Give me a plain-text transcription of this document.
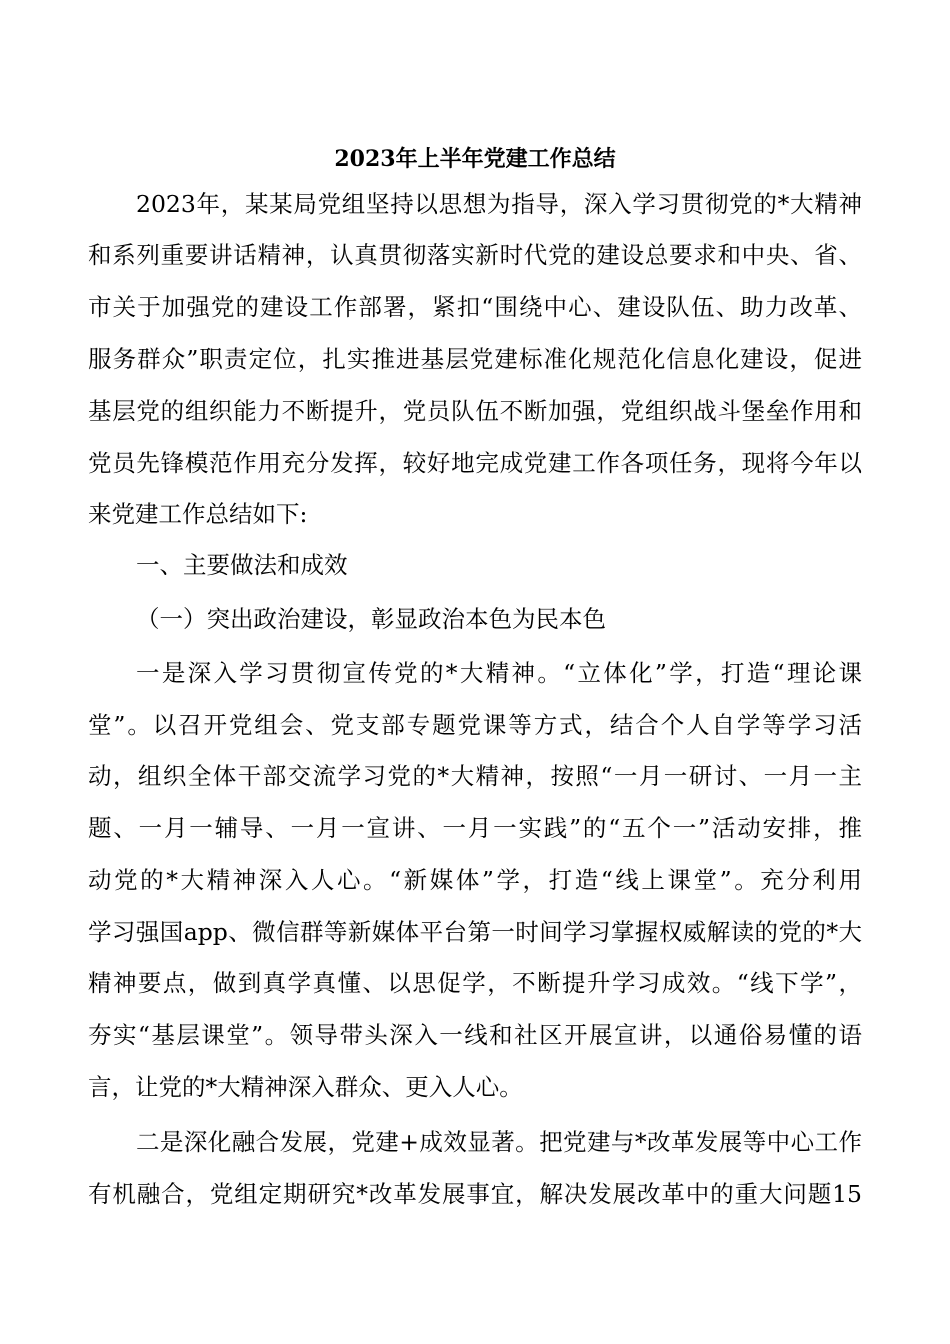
2023年上半年党建工作总结

2023年，某某局党组坚持以思想为指导，深入学习贯彻党的*大精神

和系列重要讲话精神，认真贯彻落实新时代党的建设总要求和中央、省、

市关于加强党的建设工作部署，紧扣“围绕中心、建设队伍、助力改革、

服务群众”职责定位，扎实推进基层党建标准化规范化信息化建设，促进

基层党的组织能力不断提升，党员队伍不断加强，党组织战斗堡垒作用和

党员先锋模范作用充分发挥，较好地完成党建工作各项任务，现将今年以

来党建工作总结如下:

一、主要做法和成效

（一）突出政治建设，彰显政治本色为民本色

一是深入学习贯彻宣传党的*大精神。“立体化”学，打造“理论课

堂”。以召开党组会、党支部专题党课等方式，结合个人自学等学习活

动，组织全体干部交流学习党的*大精神，按照“一月一研讨、一月一主

题、一月一辅导、一月一宣讲、一月一实践”的“五个一”活动安排，推

动党的*大精神深入人心。“新媒体”学，打造“线上课堂”。充分利用

学习强国app、微信群等新媒体平台第一时间学习掌握权威解读的党的*大

精神要点，做到真学真懂、以思促学，不断提升学习成效。“线下学”，

夯实“基层课堂”。领导带头深入一线和社区开展宣讲，以通俗易懂的语

言，让党的*大精神深入群众、更入人心。

二是深化融合发展，党建+成效显著。把党建与*改革发展等中心工作

有机融合，党组定期研究*改革发展事宜，解决发展改革中的重大问题15
